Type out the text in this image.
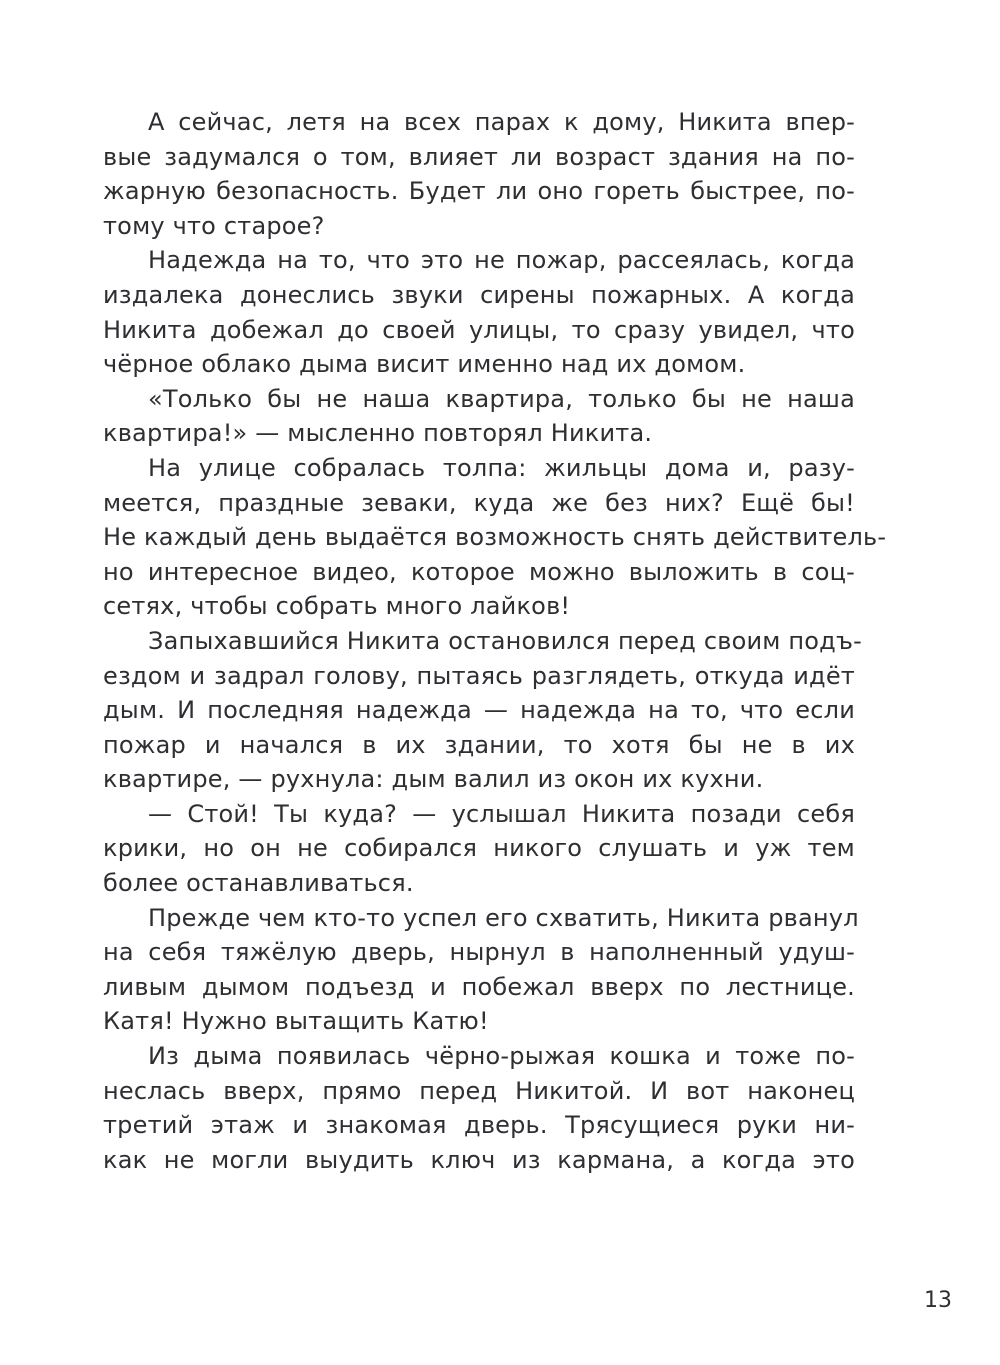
А сейчас, летя на всех парах к дому, Никита впер-
вые задумался о том, влияет ли возраст здания на по-
жарную безопасность. Будет ли оно гореть быстрее, по-
тому что старое?
Надежда на то, что это не пожар, рассеялась, когда
издалека донеслись звуки сирены пожарных. А когда
Никита добежал до своей улицы, то сразу увидел, что
чёрное облако дыма висит именно над их домом.
«Только бы не наша квартира, только бы не наша
квартира!» — мысленно повторял Никита.
На улице собралась толпа: жильцы дома и, разу-
меется, праздные зеваки, куда же без них? Ещё бы!
Не каждый день выдаётся возможность снять действитель-
но интересное видео, которое можно выложить в соц-
сетях, чтобы собрать много лайков!
Запыхавшийся Никита остановился перед своим подъ-
ездом и задрал голову, пытаясь разглядеть, откуда идёт
дым. И последняя надежда — надежда на то, что если
пожар и начался в их здании, то хотя бы не в их
квартире, — рухнула: дым валил из окон их кухни.
— Стой! Ты куда? — услышал Никита позади себя
крики, но он не собирался никого слушать и уж тем
более останавливаться.
Прежде чем кто-то успел его схватить, Никита рванул
на себя тяжёлую дверь, нырнул в наполненный удуш-
ливым дымом подъезд и побежал вверх по лестнице.
Катя! Нужно вытащить Катю!
Из дыма появилась чёрно-рыжая кошка и тоже по-
неслась вверх, прямо перед Никитой. И вот наконец
третий этаж и знакомая дверь. Трясущиеся руки ни-
как не могли выудить ключ из кармана, а когда это
13
